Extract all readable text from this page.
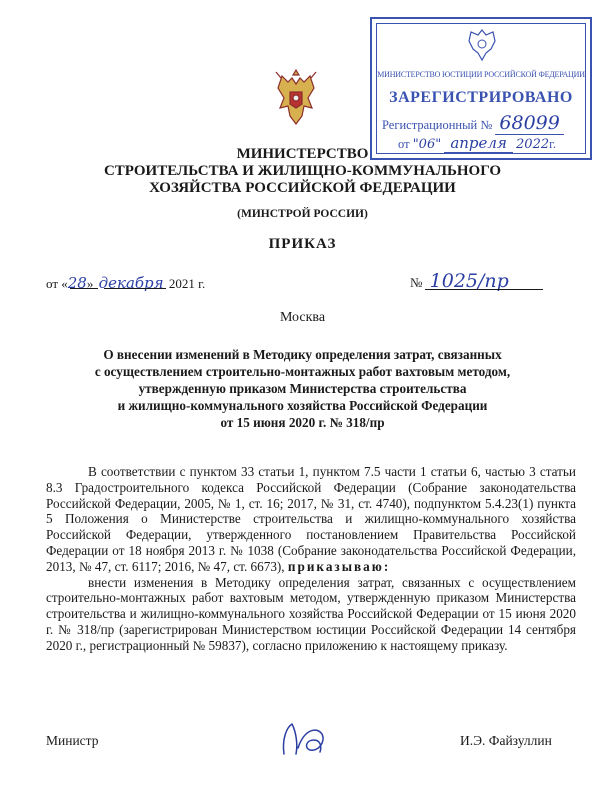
МИНИСТЕРСТВО ЮСТИЦИИ РОССИЙСКОЙ ФЕДЕРАЦИИ
ЗАРЕГИСТРИРОВАНО
Регистрационный № 68099
от "06" апреля 2022г.
МИНИСТЕРСТВО
СТРОИТЕЛЬСТВА И ЖИЛИЩНО-КОММУНАЛЬНОГО
ХОЗЯЙСТВА РОССИЙСКОЙ ФЕДЕРАЦИИ
(МИНСТРОЙ РОССИИ)
ПРИКАЗ
от «28» декабря 2021 г.	№ 1025/пр
Москва
О внесении изменений в Методику определения затрат, связанных
с осуществлением строительно-монтажных работ вахтовым методом,
утвержденную приказом Министерства строительства
и жилищно-коммунального хозяйства Российской Федерации
от 15 июня 2020 г. № 318/пр

В соответствии с пунктом 33 статьи 1, пунктом 7.5 части 1 статьи 6, частью 3 статьи 8.3 Градостроительного кодекса Российской Федерации (Собрание законодательства Российской Федерации, 2005, № 1, ст. 16; 2017, № 31, ст. 4740), подпунктом 5.4.23(1) пункта 5 Положения о Министерстве строительства и жилищно-коммунального хозяйства Российской Федерации, утвержденного постановлением Правительства Российской Федерации от 18 ноября 2013 г. № 1038 (Собрание законодательства Российской Федерации, 2013, № 47, ст. 6117; 2016, № 47, ст. 6673), приказываю:

внести изменения в Методику определения затрат, связанных с осуществлением строительно-монтажных работ вахтовым методом, утвержденную приказом Министерства строительства и жилищно-коммунального хозяйства Российской Федерации от 15 июня 2020 г. № 318/пр (зарегистрирован Министерством юстиции Российской Федерации 14 сентября 2020 г., регистрационный № 59837), согласно приложению к настоящему приказу.

Министр	И.Э. Файзуллин
